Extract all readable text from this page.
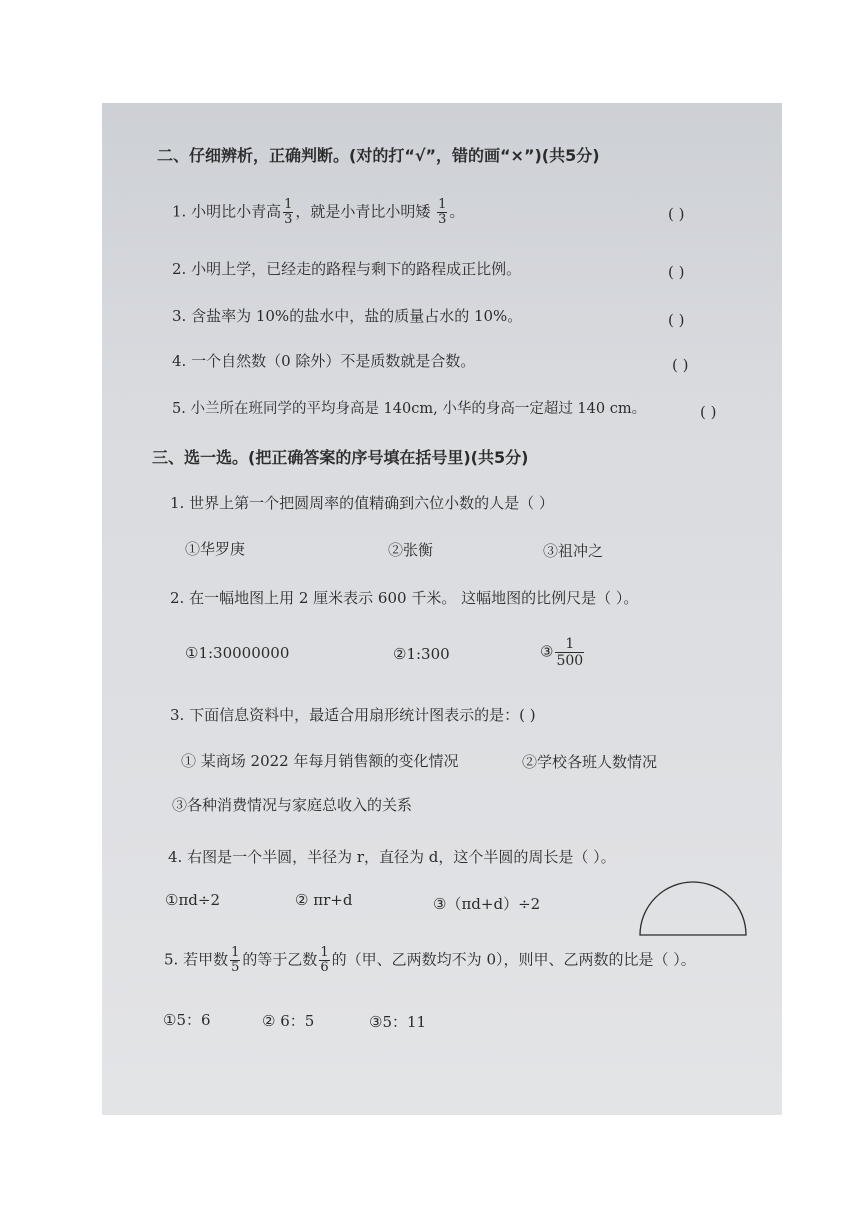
二、仔细辨析，正确判断。(对的打“√”，错的画“×”)(共5分)
1. 小明比小青高 $\frac{1}{3}$ ，就是小青比小明矮 $\frac{1}{3}$ 。	( )
2. 小明上学，已经走的路程与剩下的路程成正比例。	( )
3. 含盐率为 10%的盐水中，盐的质量占水的 10%。	( )
4. 一个自然数（0 除外）不是质数就是合数。	( )
5. 小兰所在班同学的平均身高是 140cm, 小华的身高一定超过 140 cm。	( )
三、选一选。(把正确答案的序号填在括号里)(共5分)
1. 世界上第一个把圆周率的值精确到六位小数的人是（ ）
①华罗庚	②张衡	③祖冲之
2. 在一幅地图上用 2 厘米表示 600 千米。 这幅地图的比例尺是（ ）。
①1:30000000	②1:300	③ $\frac{1}{500}$
3. 下面信息资料中，最适合用扇形统计图表示的是：( )
① 某商场 2022 年每月销售额的变化情况	②学校各班人数情况
③各种消费情况与家庭总收入的关系
4. 右图是一个半圆，半径为 r，直径为 d，这个半圆的周长是（ ）。
①πd÷2	② πr+d	③（πd+d）÷2
5. 若甲数 $\frac{1}{5}$ 的等于乙数 $\frac{1}{6}$ 的（甲、乙两数均不为 0），则甲、乙两数的比是（ ）。
①5：6	② 6：5	③5：11
